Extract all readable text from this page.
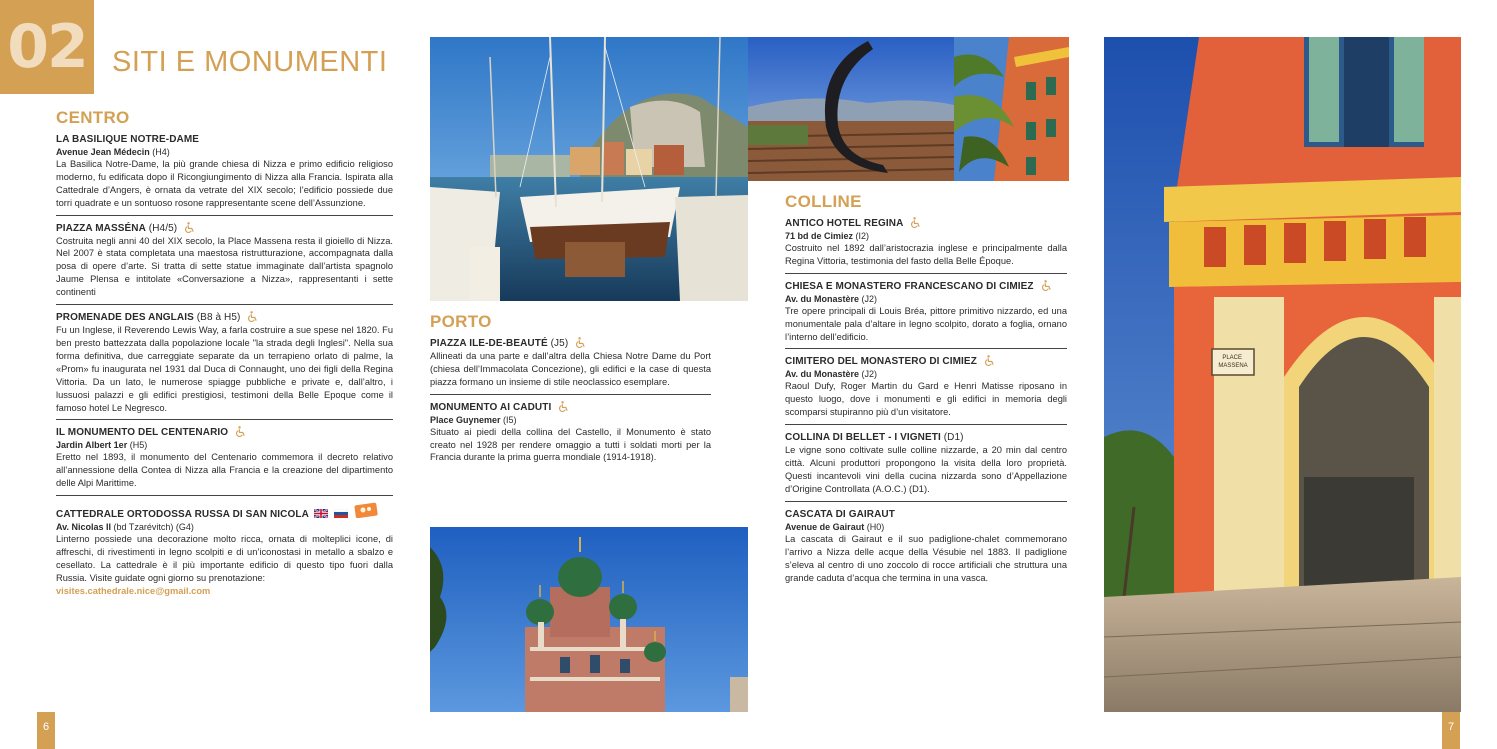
02 SITI E MONUMENTI
CENTRO
LA BASILIQUE NOTRE-DAME
Avenue Jean Médecin (H4)
La Basilica Notre-Dame, la più grande chiesa di Nizza e primo edificio religioso moderno, fu edificata dopo il Ricongiungimento di Nizza alla Francia. Ispirata alla Cattedrale d’Angers, è ornata da vetrate del XIX secolo; l’edificio possiede due torri quadrate e un sontuoso rosone rappresentante scene dell’Assunzione.
PIAZZA MASSÉNA (H4/5)
Costruita negli anni 40 del XIX secolo, la Place Massena resta il gioiello di Nizza. Nel 2007 è stata completata una maestosa ristrutturazione, accompagnata dalla posa di opere d’arte. Si tratta di sette statue immaginate dall’artista spagnolo Jaume Plensa e intitolate «Conversazione a Nizza», rappresentanti i sette continenti
PROMENADE DES ANGLAIS (B8 à H5)
Fu un Inglese, il Reverendo Lewis Way, a farla costruire a sue spese nel 1820. Fu ben presto battezzata dalla popolazione locale "la strada degli Inglesi". Nella sua forma definitiva, due carreggiate separate da un terrapieno orlato di palme, la «Prom» fu inaugurata nel 1931 dal Duca di Connaught, uno dei figli della Regina Vittoria. Da un lato, le numerose spiagge pubbliche e private e, dall’altro, i lussuosi palazzi e gli edifici prestigiosi, testimoni della Belle Epoque come il famoso hotel Le Negresco.
IL MONUMENTO DEL CENTENARIO
Jardin Albert 1er (H5)
Eretto nel 1893, il monumento del Centenario commemora il decreto relativo all’annessione della Contea di Nizza alla Francia e la creazione del dipartimento delle Alpi Marittime.
CATTEDRALE ORTODOSSA RUSSA DI SAN NICOLA
Av. Nicolas II (bd Tzarévitch) (G4)
Linterno possiede una decorazione molto ricca, ornata di molteplici icone, di affreschi, di rivestimenti in legno scolpiti e di un’iconostasi in metallo a sbalzo e cesellato. La cattedrale è il più importante edificio di questo tipo fuori dalla Russia. Visite guidate ogni giorno su prenotazione:
visites.cathedrale.nice@gmail.com
PORTO
PIAZZA ILE-DE-BEAUTÉ (J5)
Allineati da una parte e dall’altra della Chiesa Notre Dame du Port (chiesa dell’Immacolata Concezione), gli edifici e la case di questa piazza formano un insieme di stile neoclassico esemplare.
MONUMENTO AI CADUTI
Place Guynemer (I5)
Situato ai piedi della collina del Castello, il Monumento è stato creato nel 1928 per rendere omaggio a tutti i soldati morti per la Francia durante la prima guerra mondiale (1914-1918).
COLLINE
ANTICO HOTEL REGINA
71 bd de Cimiez (I2)
Costruito nel 1892 dall’aristocrazia inglese e principalmente dalla Regina Vittoria, testimonia del fasto della Belle Époque.
CHIESA E MONASTERO FRANCESCANO DI CIMIEZ
Av. du Monastère (J2)
Tre opere principali di Louis Bréa, pittore primitivo nizzardo, ed una monumentale pala d’altare in legno scolpito, dorato a foglia, ornano l’interno dell’edificio.
CIMITERO DEL MONASTERO DI CIMIEZ
Av. du Monastère (J2)
Raoul Dufy, Roger Martin du Gard e Henri Matisse riposano in questo luogo, dove i monumenti e gli edifici in memoria degli scomparsi stupiranno più d’un visitatore.
COLLINA DI BELLET - I VIGNETI (D1)
Le vigne sono coltivate sulle colline nizzarde, a 20 min dal centro città. Alcuni produttori propongono la visita della loro proprietà. Questi incantevoli vini della cucina nizzarda sono d’Appellazione d’Origine Controllata (A.O.C.) (D1).
CASCATA DI GAIRAUT
Avenue de Gairaut (H0)
La cascata di Gairaut e il suo padiglione-chalet commemorano l’arrivo a Nizza delle acque della Vésubie nel 1883. Il padiglione s’eleva al centro di uno zoccolo di rocce artificiali che struttura una grande caduta d’acqua che termina in una vasca.
PLACE MASSENA
6	7
